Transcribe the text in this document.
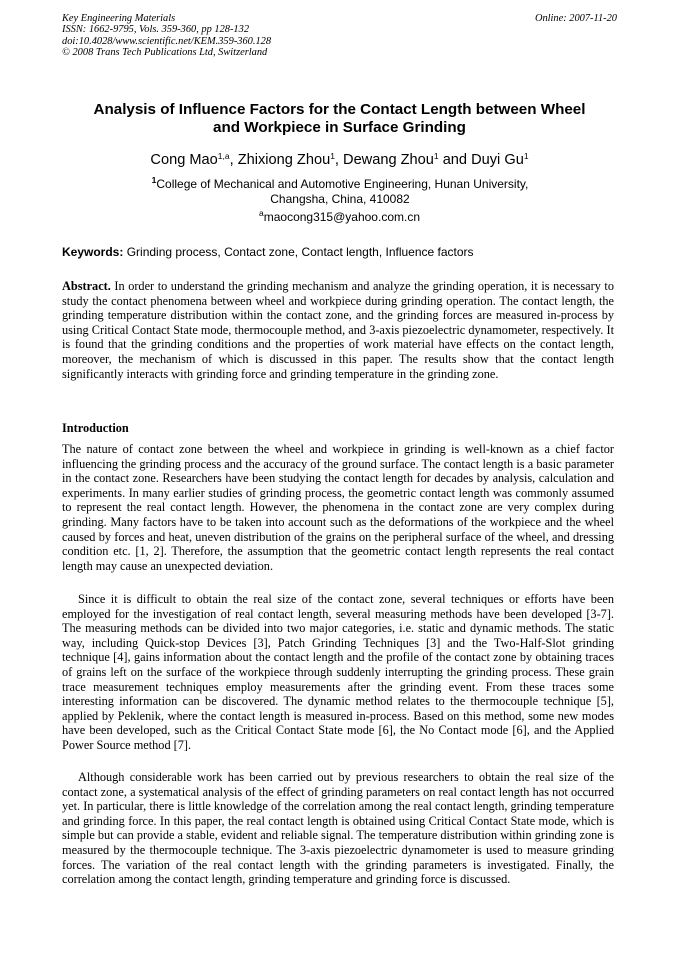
Key Engineering Materials
ISSN: 1662-9795, Vols. 359-360, pp 128-132
doi:10.4028/www.scientific.net/KEM.359-360.128
© 2008 Trans Tech Publications Ltd, Switzerland
Online: 2007-11-20
Analysis of Influence Factors for the Contact Length between Wheel
and Workpiece in Surface Grinding
Cong Mao$^{1,a}$, Zhixiong Zhou$^1$, Dewang Zhou$^1$ and Duyi Gu$^1$
$^1$College of Mechanical and Automotive Engineering, Hunan University,
Changsha, China, 410082
$^a$maocong315@yahoo.com.cn
Keywords: Grinding process, Contact zone, Contact length, Influence factors

Abstract. In order to understand the grinding mechanism and analyze the grinding operation, it is necessary to study the contact phenomena between wheel and workpiece during grinding operation. The contact length, the grinding temperature distribution within the contact zone, and the grinding forces are measured in-process by using Critical Contact State mode, thermocouple method, and 3-axis piezoelectric dynamometer, respectively. It is found that the grinding conditions and the properties of work material have effects on the contact length, moreover, the mechanism of which is discussed in this paper. The results show that the contact length significantly interacts with grinding force and grinding temperature in the grinding zone.

Introduction

The nature of contact zone between the wheel and workpiece in grinding is well-known as a chief factor influencing the grinding process and the accuracy of the ground surface. The contact length is a basic parameter in the contact zone. Researchers have been studying the contact length for decades by analysis, calculation and experiments. In many earlier studies of grinding process, the geometric contact length was commonly assumed to represent the real contact length. However, the phenomena in the contact zone are very complex during grinding. Many factors have to be taken into account such as the deformations of the workpiece and the wheel caused by forces and heat, uneven distribution of the grains on the peripheral surface of the wheel, and dressing condition etc. [1, 2]. Therefore, the assumption that the geometric contact length represents the real contact length may cause an unexpected deviation.

Since it is difficult to obtain the real size of the contact zone, several techniques or efforts have been employed for the investigation of real contact length, several measuring methods have been developed [3-7]. The measuring methods can be divided into two major categories, i.e. static and dynamic methods. The static way, including Quick-stop Devices [3], Patch Grinding Techniques [3] and the Two-Half-Slot grinding technique [4], gains information about the contact length and the profile of the contact zone by obtaining traces of grains left on the surface of the workpiece through suddenly interrupting the grinding process. These grain trace measurement techniques employ measurements after the grinding event. From these traces some interesting information can be discovered. The dynamic method relates to the thermocouple technique [5], applied by Peklenik, where the contact length is measured in-process. Based on this method, some new modes have been developed, such as the Critical Contact State mode [6], the No Contact mode [6], and the Applied Power Source method [7].

Although considerable work has been carried out by previous researchers to obtain the real size of the contact zone, a systematical analysis of the effect of grinding parameters on real contact length has not occurred yet. In particular, there is little knowledge of the correlation among the real contact length, grinding temperature and grinding force. In this paper, the real contact length is obtained using Critical Contact State mode, which is simple but can provide a stable, evident and reliable signal. The temperature distribution within grinding zone is measured by the thermocouple technique. The 3-axis piezoelectric dynamometer is used to measure grinding forces. The variation of the real contact length with the grinding parameters is investigated. Finally, the correlation among the contact length, grinding temperature and grinding force is discussed.
